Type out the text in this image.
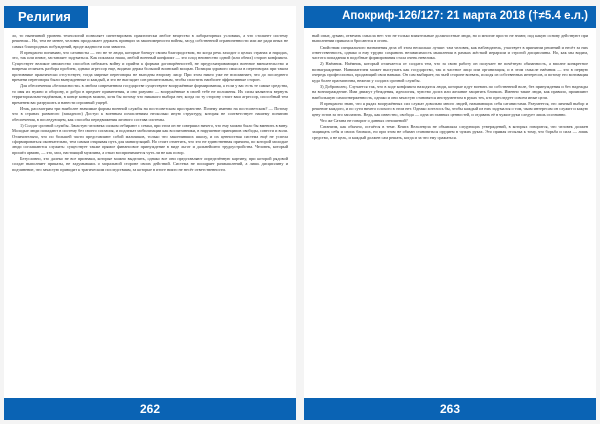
Религия

ло, то нынешний уровень технологий позволяет синтезировать практически любое вещество в лабораторных условиях, а что столкнет систему решения... Но, тем не менее, человек продолжает держать принцип за закономерности войны, засуд собственной ограниченности или же ради иных не самых благородных побуждений, вроде жадности или зависти.

Я прекрасно понимаю, что сатанисты — это не те люди, которые блещут своим благородством, но когда речь заходит о целых странах и народах, это, так или иначе, заставляет задуматься. Как показала наша, любой военный конфликт — это плод неизвестно одной (или обеих) сторон конфликта. Существует великое множество способов избежать войну и прийти к формам договорённостей, не предусматривающих военное вмешательство и вовремя отличать разбора проблем, однако агрессор еще, видимо держа большой воинский мощью. Позиция здравого смысла в переговорах при таком противнике практически отсутствует, тогда мирные переговоры не выгодны второму лицу. При этом никто уже не вспоминает, что до последнего времени переговоры были вынужденные и каждый, и это не выглядит сон решительным, чтобы сплотить наиболее эффективные сторон.

Для обеспечения «безопасности» в любом современном государстве существуют вооружённые формирования, а если у вас есть те самые средства, то имя их нужно и оборону, и добро в предмет применения, и оно разумно — вооружённые в своей тебе не положены. Их силы являются вернуть территориально-надёжным, в конце концов можно, хотя бы потому что никакого выбора нет, когда по ту сторону стоит ваш агрессор, способный тем временем вас разрушить и нанести огромный ущерб.

Итак, рассмотрим три наиболее значимые формы военной службы на постсоветском пространстве. Почему именно на постсоветском? — Потому что в странах развитого (западного) Доступ к военным исчислениям несколько иную структуру, которая не соответствует нашему понятию обеспечения, в последующем, как способы передвижения личного состава системы.

1) Солдат срочной службы. Зачастую человека силком отбирают с семьи, при этом он не совершил ничего, что ему можно было бы вменить в вину. Молодые люди попадают в систему без своего согласия, и подлежат мобилизации как воспитанники, в нарушение принципов свободы, совести и воли. Отличительно, что по большей части представляют собой мальчиков, только что закончивших школу, и их ценностная система ещё не успела сформироваться окончательно, тем самым открывая путь для манипуляций. Но стоит отметить, что это не единственная причина, по которой молодые люди соглашаются служить: существует также прямое финансовое принуждение в виде льгот и дальнейшего трудоустройства. Человек, который прошёл армию, — это, мол, настоящий мужчина, а отказ воспринимается чуть ли не как позор.

Безусловно, это далеко не все признаки, которые можно выделить, однако все они представляют определённую картину, при которой рядовой солдат выполняет приказы, не задумываясь о моральной стороне своих действий. Система не поощряет размышлений, а лишь дисциплину и подчинение, что зачастую приводит к трагическим последствиям, за которые в итоге никто не несёт ответственности.

262
Апокриф-126/127: 21 марта 2018 (†≠5.4 е.л.)

ный опыт, думаю, отвечать смысла нет: что не только влиятельные должностные люди, но и многие просто не знают, под какую основу действуют при выполнении приказа и бросаются в огонь.

Свойствам специального назначения дела об этом несколько лучше: там человек, как наблюдатель, участвует в принятии решений и несёт за них ответственность, однако и ему трудно сохранить независимость мышления в рамках жёсткой иерархии и строгой дисциплины. Но, как мы видим, частота попадания в подобные формирования стала очень невелика.

2) Наёмник. Наёмник, который отличается от солдата тем, что за свою работу он получает не почётную обязанность, а вполне конкретное вознаграждение. Нанимателем может выступать как государство, так и частное лицо или организация, и в этом смысле наёмник — это в первую очередь профессионал, продающий свои навыки. Он сам выбирает, на чьей стороне воевать, исходя из собственных интересов, и потому его мотивация куда более прагматична, нежели у солдата срочной службы.

3) Доброволец. Случается так, что в ходе конфликта находятся люди, которые идут воевать по собственной воле, без принуждения и без надежды на вознаграждение. Ими движут убеждения, идеология, чувство долга или желание защитить близких. Именно такие люди, как правило, проявляют наибольшую самоотверженность, однако и они зачастую становятся инструментом в руках тех, кто преследует совсем иные цели.

Я прекрасно знаю, что я рядах вооружённых сил служат довольно много людей, называющих себя сатанистами. Разумеется, это личный выбор и решение каждого, и по сути ничего плохого в этом нет. Однако хотелось бы, чтобы каждый из них задумался о том, чьим интересам он служит и какую цену готов за это заплатить. Ведь, как известно, свобода — одна из главных ценностей, и отдавать её в чужие руки следует лишь осознанно.

Что же Сатана не говорит о данных отношений?

Сатанизм, как обычно, остаётся в теме. Книга Вельзевула не объявляла следующих утверждений, в которых говорится, что человек должен защищать себя и своих близких, но при этом не обязан становиться орудием в чужих руках. Это прямая отсылка к тому, что борьба и сила — лишь средство, а не цель, и каждый должен сам решать, когда и за что ему сражаться.

263
